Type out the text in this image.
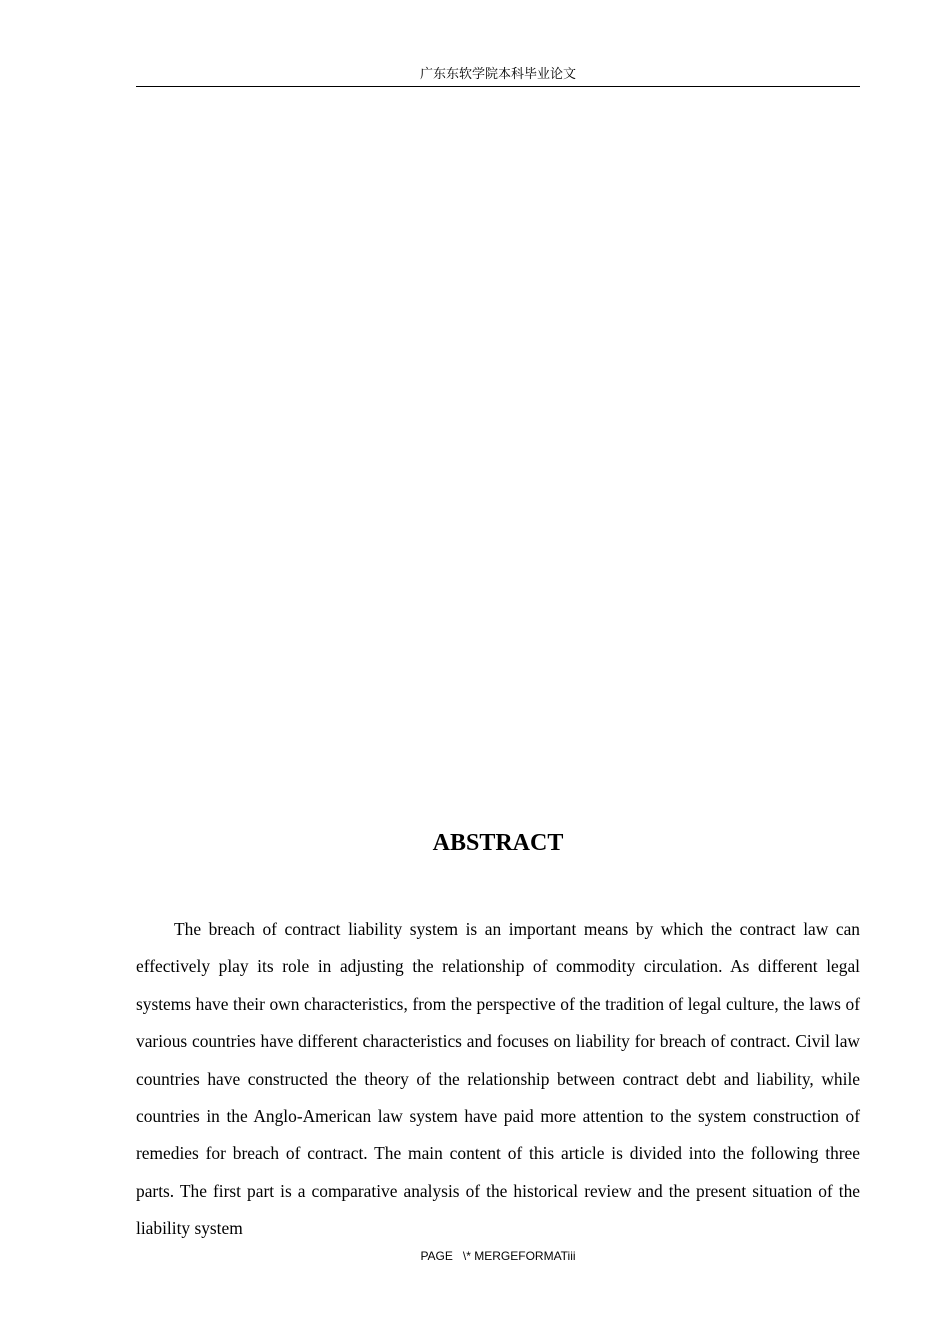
广东东软学院本科毕业论文
ABSTRACT

The breach of contract liability system is an important means by which the contract law can effectively play its role in adjusting the relationship of commodity circulation. As different legal systems have their own characteristics, from the perspective of the tradition of legal culture, the laws of various countries have different characteristics and focuses on liability for breach of contract. Civil law countries have constructed the theory of the relationship between contract debt and liability, while countries in the Anglo-American law system have paid more attention to the system construction of remedies for breach of contract. The main content of this article is divided into the following three parts. The first part is a comparative analysis of the historical review and the present situation of the liability system

PAGE   \* MERGEFORMATiii
